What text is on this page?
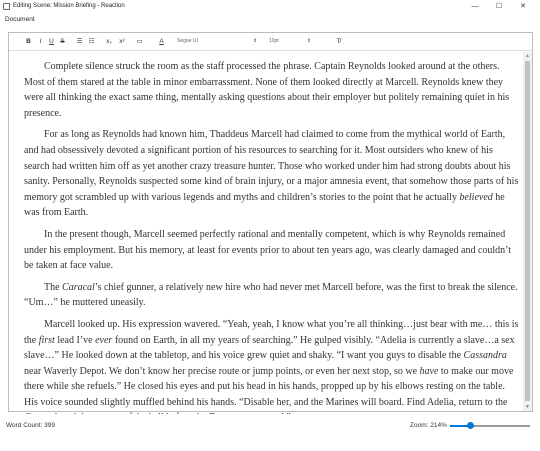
Editing Scene: Mission Briefing - Reaction	—	☐	✕
Document
B	I	U S	☰ ☷	x₂	x²	▭	A	Segoe UI	⇕ 10pt	⇕	T̸

Complete silence struck the room as the staff processed the phrase. Captain Reynolds looked around at the others. Most of them stared at the table in minor embarrassment. None of them looked directly at Marcell. Reynolds knew they were all thinking the exact same thing, mentally asking questions about their employer but politely remaining quiet in his presence.

For as long as Reynolds had known him, Thaddeus Marcell had claimed to come from the mythical world of Earth, and had obsessively devoted a significant portion of his resources to searching for it. Most outsiders who knew of his search had written him off as yet another crazy treasure hunter. Those who worked under him had strong doubts about his sanity. Personally, Reynolds suspected some kind of brain injury, or a major amnesia event, that somehow those parts of his memory got scrambled up with various legends and myths and children’s stories to the point that he actually believed he was from Earth.

In the present though, Marcell seemed perfectly rational and mentally competent, which is why Reynolds remained under his employment. But his memory, at least for events prior to about ten years ago, was clearly damaged and couldn’t be taken at face value.

The Caracal’s chief gunner, a relatively new hire who had never met Marcell before, was the first to break the silence. “Um…” he muttered uneasily.

Marcell looked up. His expression wavered. “Yeah, yeah, I know what you’re all thinking…just bear with me… this is the first lead I’ve ever found on Earth, in all my years of searching.” He gulped visibly. “Adelia is currently a slave…a sex slave…” He looked down at the tabletop, and his voice grew quiet and shaky. “I want you guys to disable the Cassandra near Waverly Depot. We don’t know her precise route or jump points, or even her next stop, so we have to make our move there while she refuels.” He closed his eyes and put his head in his hands, propped up by his elbows resting on the table. His voice sounded slightly muffled behind his hands. “Disable her, and the Marines will board. Find Adelia, return to the

▲
▼
Word Count: 399	Zoom: 214%
